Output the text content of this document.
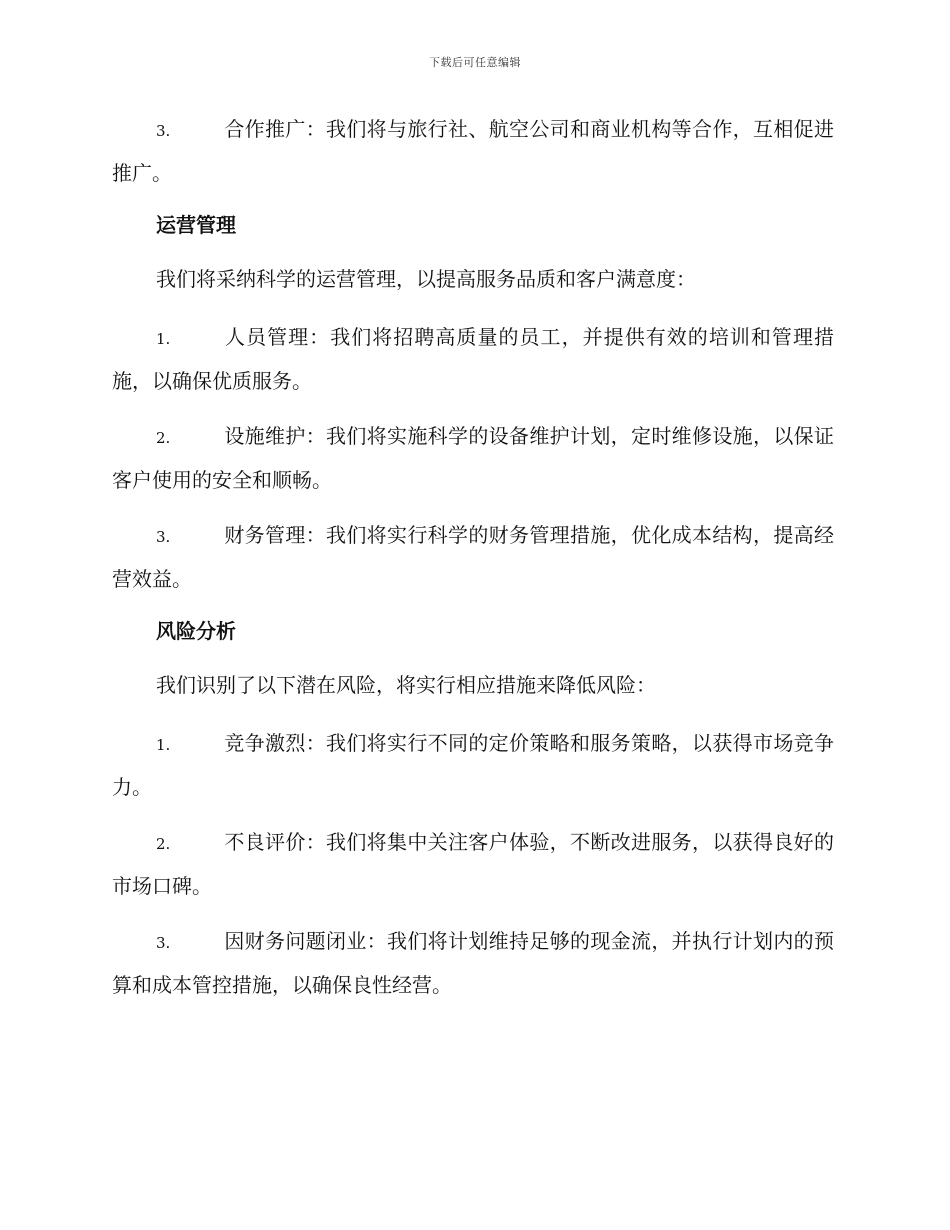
下载后可任意编辑

3.	合作推广：我们将与旅行社、航空公司和商业机构等合作，互相促进推广。

运营管理

我们将采纳科学的运营管理，以提高服务品质和客户满意度：

1.	人员管理：我们将招聘高质量的员工，并提供有效的培训和管理措施，以确保优质服务。

2.	设施维护：我们将实施科学的设备维护计划，定时维修设施，以保证客户使用的安全和顺畅。

3.	财务管理：我们将实行科学的财务管理措施，优化成本结构，提高经营效益。

风险分析

我们识别了以下潜在风险，将实行相应措施来降低风险：

1.	竞争激烈：我们将实行不同的定价策略和服务策略，以获得市场竞争力。

2.	不良评价：我们将集中关注客户体验，不断改进服务，以获得良好的市场口碑。

3.	因财务问题闭业：我们将计划维持足够的现金流，并执行计划内的预算和成本管控措施，以确保良性经营。
